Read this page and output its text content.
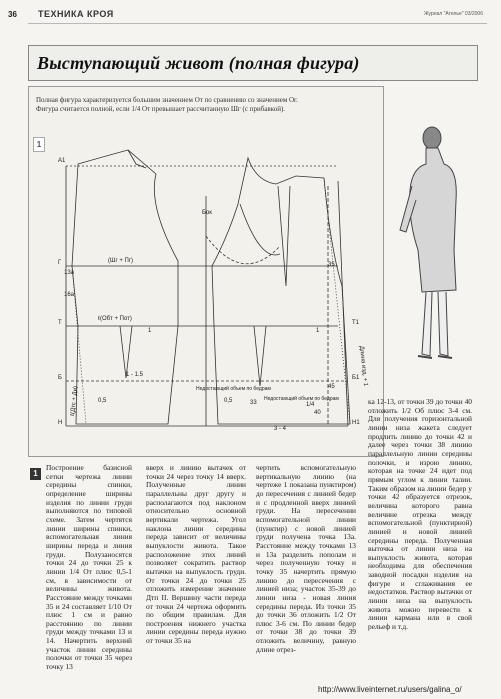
36 ТЕХНИКА КРОЯ	Журнал "Ателье" 03/2006
Выступающий живот (полная фигура)
Полная фигура характеризуется большим значением От по сравнению со значением Ог. Фигура считается полной, если 1/4 От превышает рассчитанную Шг (с прибавкой).
1
А1
Г
Т
Б
Н
Т1
Б1
Н1
13а
16а
35
45
33
40
(Шг + Пг)
ℓ(Обт + Пот)
Бок
Недостающий объем по бедрам
Недостающий объем по бедрам
3 - 4
1/4
1 - 1.5
0,5	0,5
1	1
ℓ(Дтс + Ди)
Длина изд. + 1
1
Построение базисной сетки чертежа линии середины спинки, определение ширины изделия по линии груди выполняются по типовой схеме. Затем чертятся линии ширины спинки, вспомогательная линия ширины переда и линия груди. Полузаносятся точки 24 до точки 25 к линии 1/4 От плюс 0,5-1 см, в зависимости от величины живота. Расстояние между точками 35 и 24 составляет 1/10 От плюс 1 см и равно расстоянию по линии груди между точками 13 и 14. Начертить верхний участок линии середины полочки от точки 35 через точку 13
вверх и линию вытачек от точки 24 через точку 14 вверх. Полученные линии параллельны друг другу и располагаются под наклоном относительно основной вертикали чертежа. Угол наклона линии середины переда зависит от величины выпуклости живота. Такое расположение этих линий позволяет сократить раствор вытачки на выпуклость груди. От точки 24 до точки 25 отложить измерение значение Дтп II. Вершину части переда от точки 24 чертежа оформить по общим правилам. Для построения нижнего участка линии середины переда нужно от точки 35 на
чертить вспомогательную вертикальную линию (на чертеже 1 показана пунктиром) до пересечения с линией бедер и с продленной вверх линией груди. На пересечении вспомогательной линии (пунктир) с новой линией груди получена точка 13а. Расстояние между точками 13 и 13а разделить пополам и через полученную точку и точку 35 начертить прямую линию до пересечения с линией низа; участок 35-39 до линии низа - новая линия середины переда. Из точки 35 до точки 36 отложить 1/2 От плюс 3-6 см. По линии бедер от точки 38 до точки 39 отложить величину, равную длине отрез-
ка 12-13, от точки 39 до точки 40 отложить 1/2 Об плюс 3-4 см. Для получения горизонтальной линии низа жакета следует продлить линию до точки 42 и далее через точки 38 линию параллельную линии середины полочки, и изрою линию, которая на точке 24 идет под прямым углом к линии талии. Таким образом на линии бедер у точки 42 образуется отрезок, величина которого равна величине отрезка между вспомогательной (пунктирной) линией и новой линией середины переда. Полученная выточка от линии низа на выпуклость живота, которая необходима для обеспечения заводной посадки изделия на фигуре и сглаживания ее недостатков. Раствор вытачки от линии низа на выпуклость живота можно перевести к линии кармана или в свой рельеф и т.д.
http://www.liveinternet.ru/users/galina_o/
